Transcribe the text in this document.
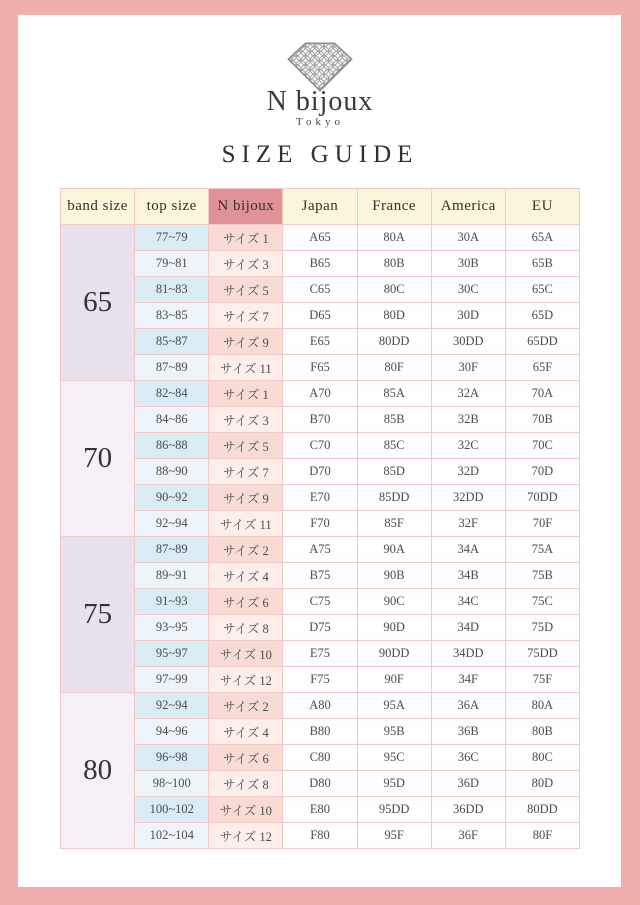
N bijoux
Tokyo
SIZE GUIDE
band size	top size	N bijoux	Japan	France	America	EU
65	77~79	サイズ 1	A65	80A	30A	65A
	79~81	サイズ 3	B65	80B	30B	65B
	81~83	サイズ 5	C65	80C	30C	65C
	83~85	サイズ 7	D65	80D	30D	65D
	85~87	サイズ 9	E65	80DD	30DD	65DD
	87~89	サイズ 11	F65	80F	30F	65F
70	82~84	サイズ 1	A70	85A	32A	70A
	84~86	サイズ 3	B70	85B	32B	70B
	86~88	サイズ 5	C70	85C	32C	70C
	88~90	サイズ 7	D70	85D	32D	70D
	90~92	サイズ 9	E70	85DD	32DD	70DD
	92~94	サイズ 11	F70	85F	32F	70F
75	87~89	サイズ 2	A75	90A	34A	75A
	89~91	サイズ 4	B75	90B	34B	75B
	91~93	サイズ 6	C75	90C	34C	75C
	93~95	サイズ 8	D75	90D	34D	75D
	95~97	サイズ 10	E75	90DD	34DD	75DD
	97~99	サイズ 12	F75	90F	34F	75F
80	92~94	サイズ 2	A80	95A	36A	80A
	94~96	サイズ 4	B80	95B	36B	80B
	96~98	サイズ 6	C80	95C	36C	80C
	98~100	サイズ 8	D80	95D	36D	80D
	100~102	サイズ 10	E80	95DD	36DD	80DD
	102~104	サイズ 12	F80	95F	36F	80F
